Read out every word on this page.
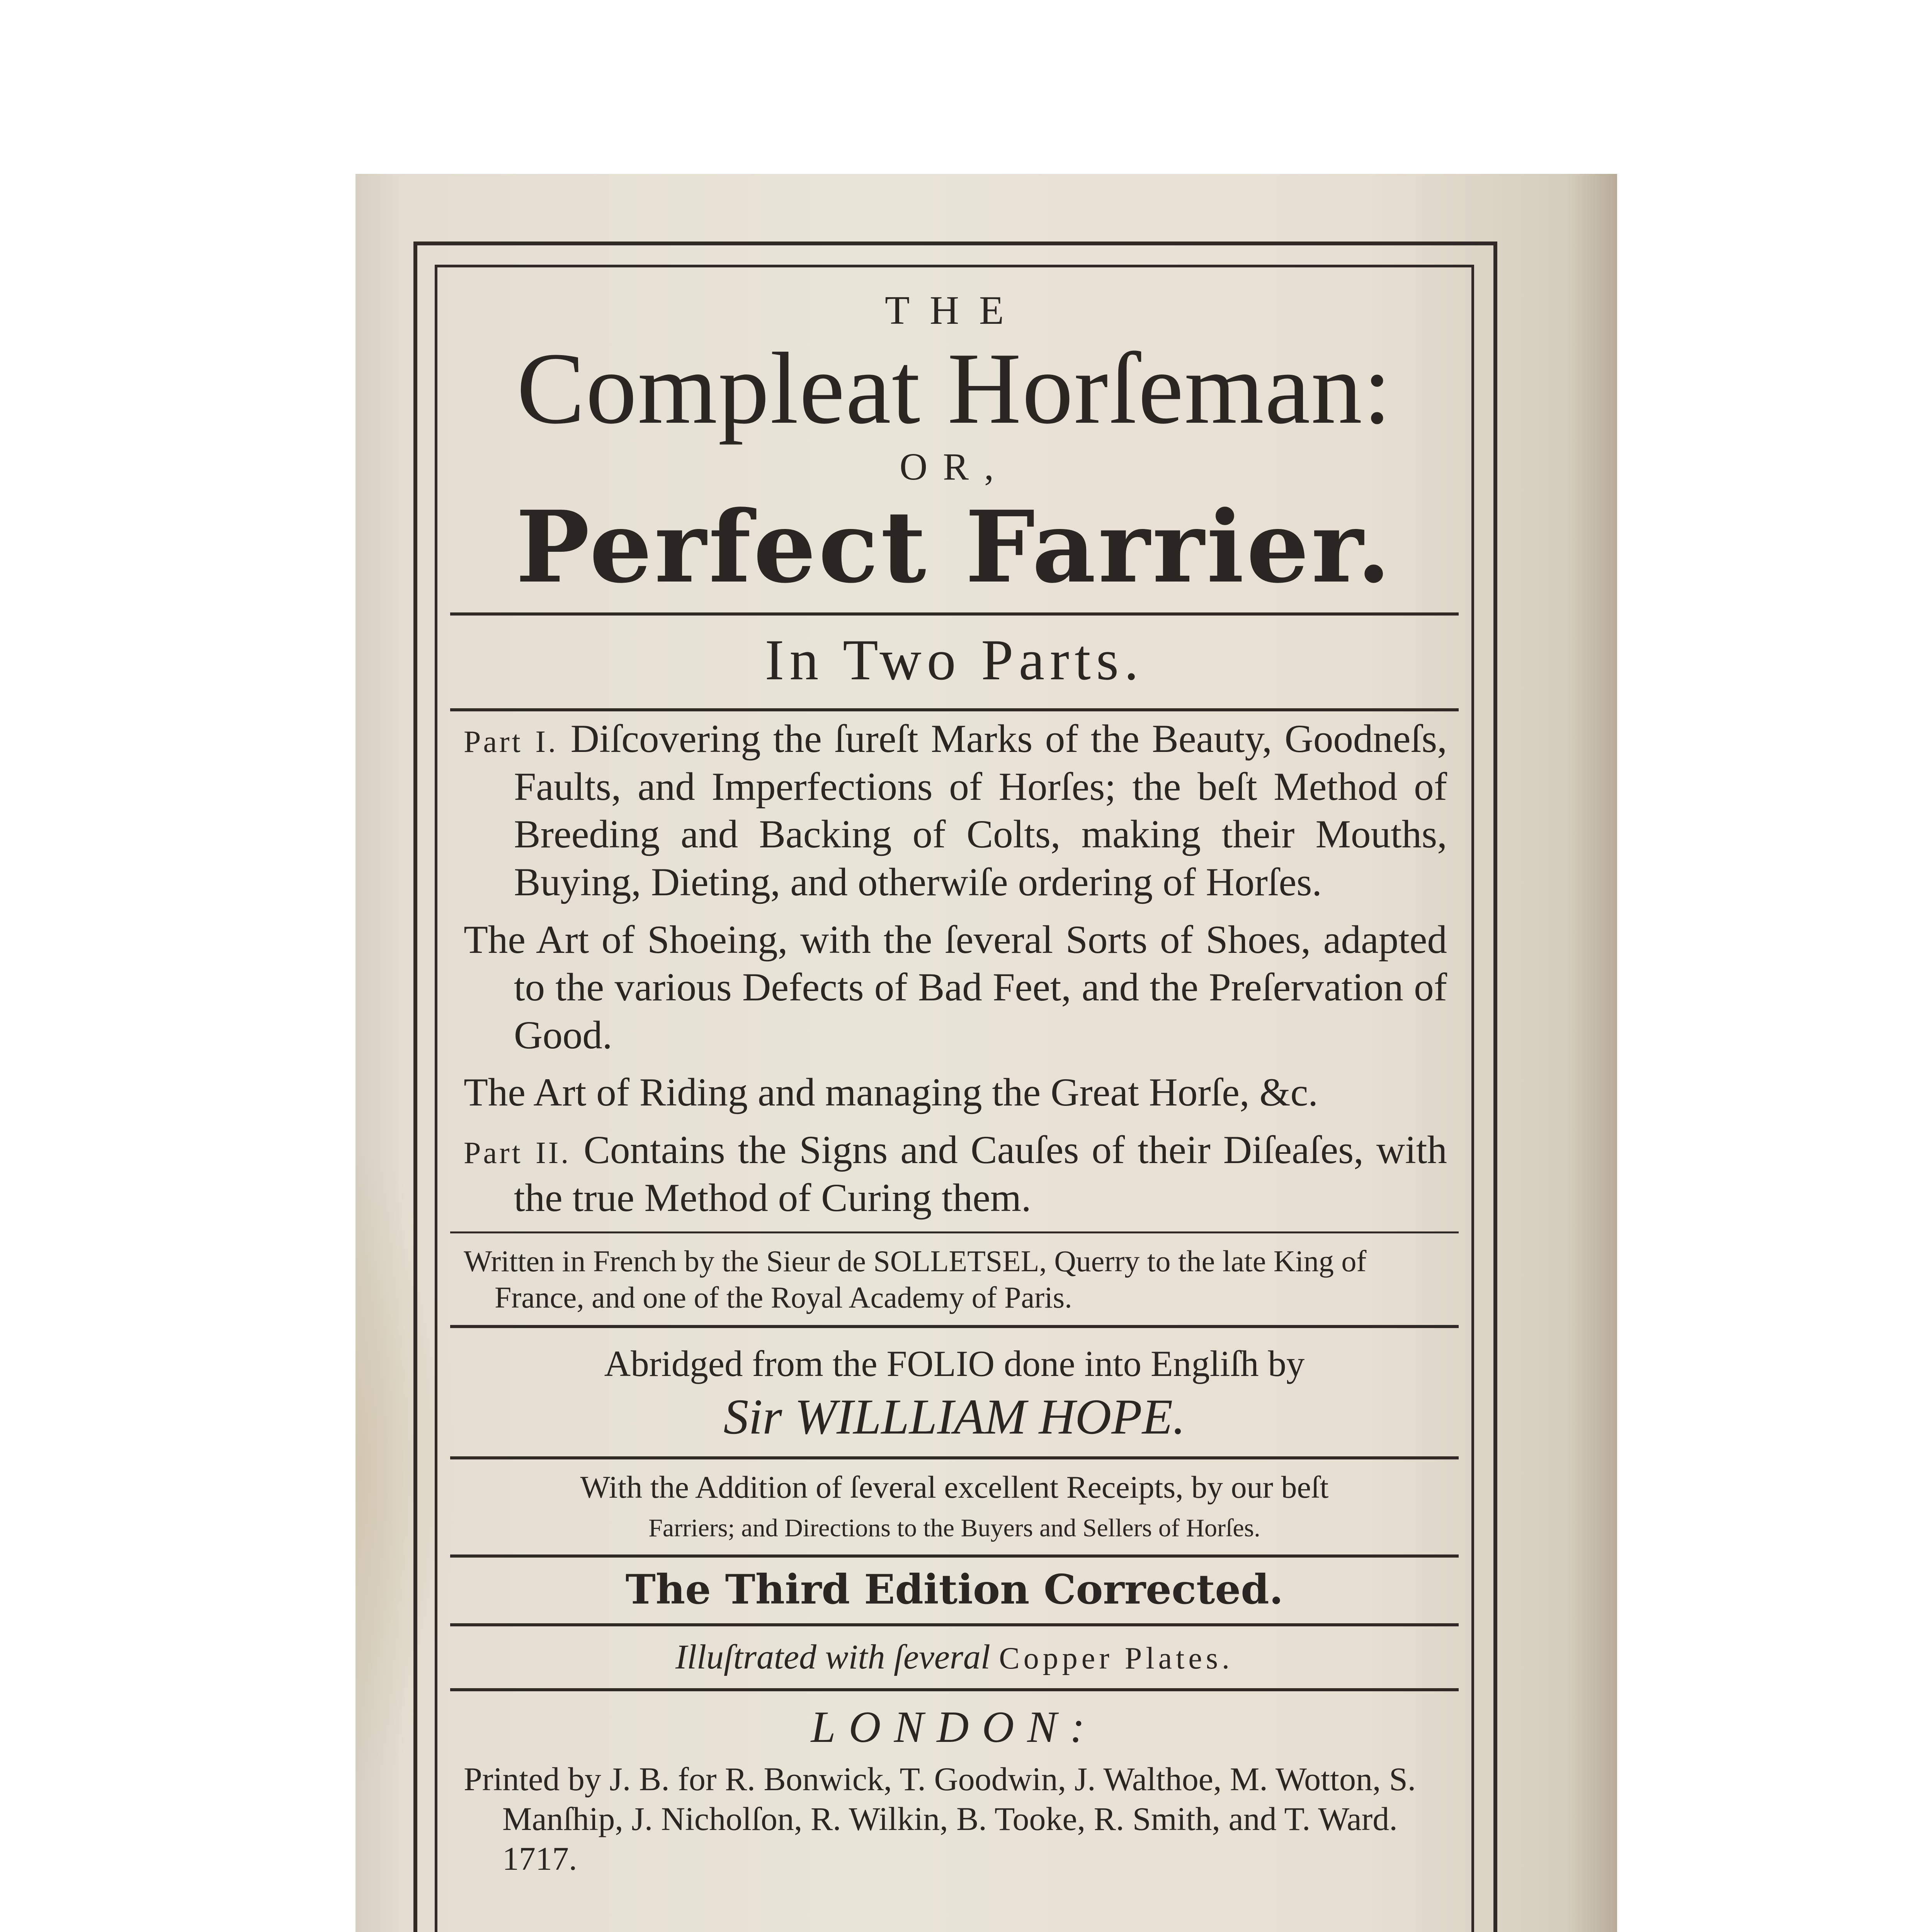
THE
Compleat Horſeman:
OR,
Perfect Farrier.
In Two Parts.
Part I. Diſcovering the ſureſt Marks of the Beauty, Goodneſs, Faults, and Imperfections of Horſes; the beſt Method of Breeding and Backing of Colts, making their Mouths, Buying, Dieting, and otherwiſe ordering of Horſes.
The Art of Shoeing, with the ſeveral Sorts of Shoes, adapted to the various Defects of Bad Feet, and the Preſervation of Good.
The Art of Riding and managing the Great Horſe, &c.
Part II. Contains the Signs and Cauſes of their Diſeaſes, with the true Method of Curing them.
Written in French by the Sieur de SOLLETSEL, Querry to the late King of France, and one of the Royal Academy of Paris.
Abridged from the FOLIO done into Engliſh by
Sir WILLLIAM HOPE.
With the Addition of ſeveral excellent Receipts, by our beſt
Farriers; and Directions to the Buyers and Sellers of Horſes.
The Third Edition Corrected.
Illuſtrated with ſeveral Copper Plates.
LONDON:
Printed by J. B. for R. Bonwick, T. Goodwin, J. Walthoe, M. Wotton, S. Manſhip, J. Nicholſon, R. Wilkin, B. Tooke, R. Smith, and T. Ward. 1717.
